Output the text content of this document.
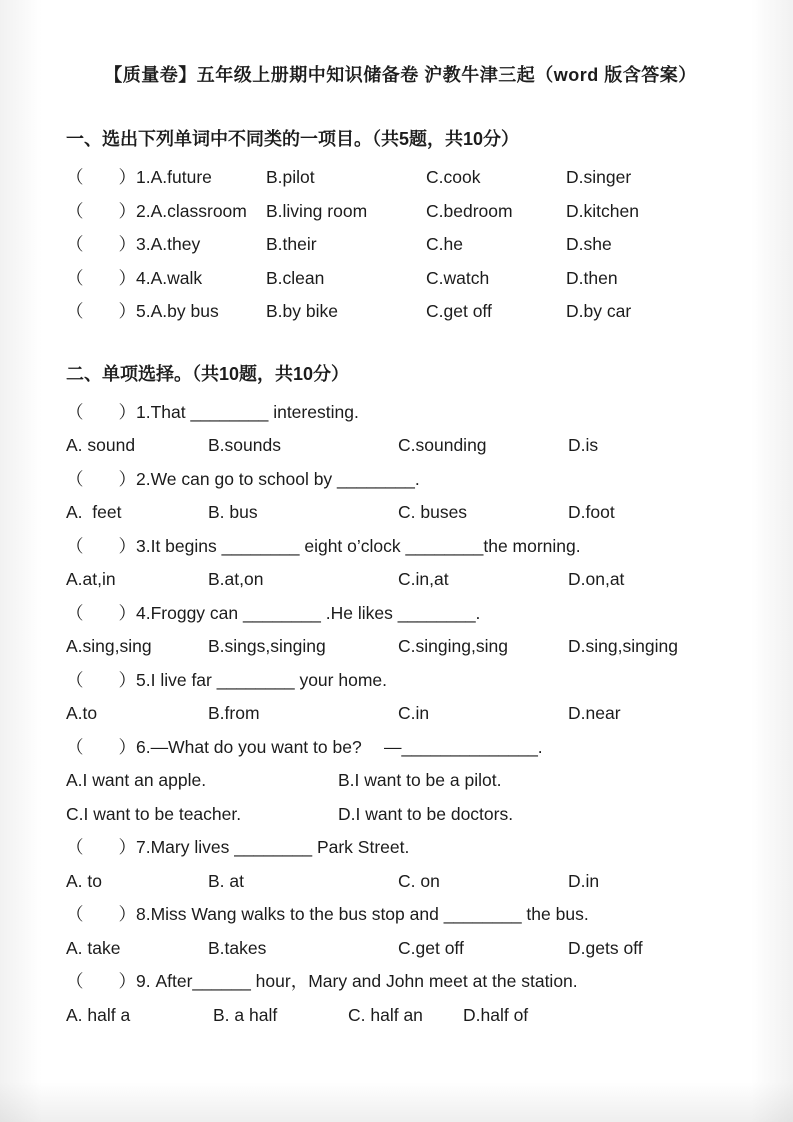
【质量卷】五年级上册期中知识储备卷 沪教牛津三起（word 版含答案）
一、选出下列单词中不同类的一项目。（共5题，共10分）
（　　）1.A.future	B.pilot	C.cook	D.singer
（　　）2.A.classroom	B.living room	C.bedroom	D.kitchen
（　　）3.A.they	B.their	C.he	D.she
（　　）4.A.walk	B.clean	C.watch	D.then
（　　）5.A.by bus	B.by bike	C.get off	D.by car
二、单项选择。（共10题，共10分）
（　　）1.That ________ interesting.
A. sound	B.sounds	C.sounding	D.is
（　　）2.We can go to school by ________.
A.  feet	B. bus	C. buses	D.foot
（　　）3.It begins ________ eight o’clock ________the morning.
A.at,in	B.at,on	C.in,at	D.on,at
（　　）4.Froggy can ________ .He likes ________.
A.sing,sing	B.sings,singing	C.singing,sing	D.sing,singing
（　　）5.I live far ________ your home.
A.to	B.from	C.in	D.near
（　　）6.—What do you want to be?　 —______________.
A.I want an apple.	B.I want to be a pilot.
C.I want to be teacher.	D.I want to be doctors.
（　　）7.Mary lives ________ Park Street.
A. to	B. at	C. on	D.in
（　　）8.Miss Wang walks to the bus stop and ________ the bus.
A. take	B.takes	C.get off	D.gets off
（　　）9. After______ hour，Mary and John meet at the station.
A. half a	B. a half	C. half an	D.half of
